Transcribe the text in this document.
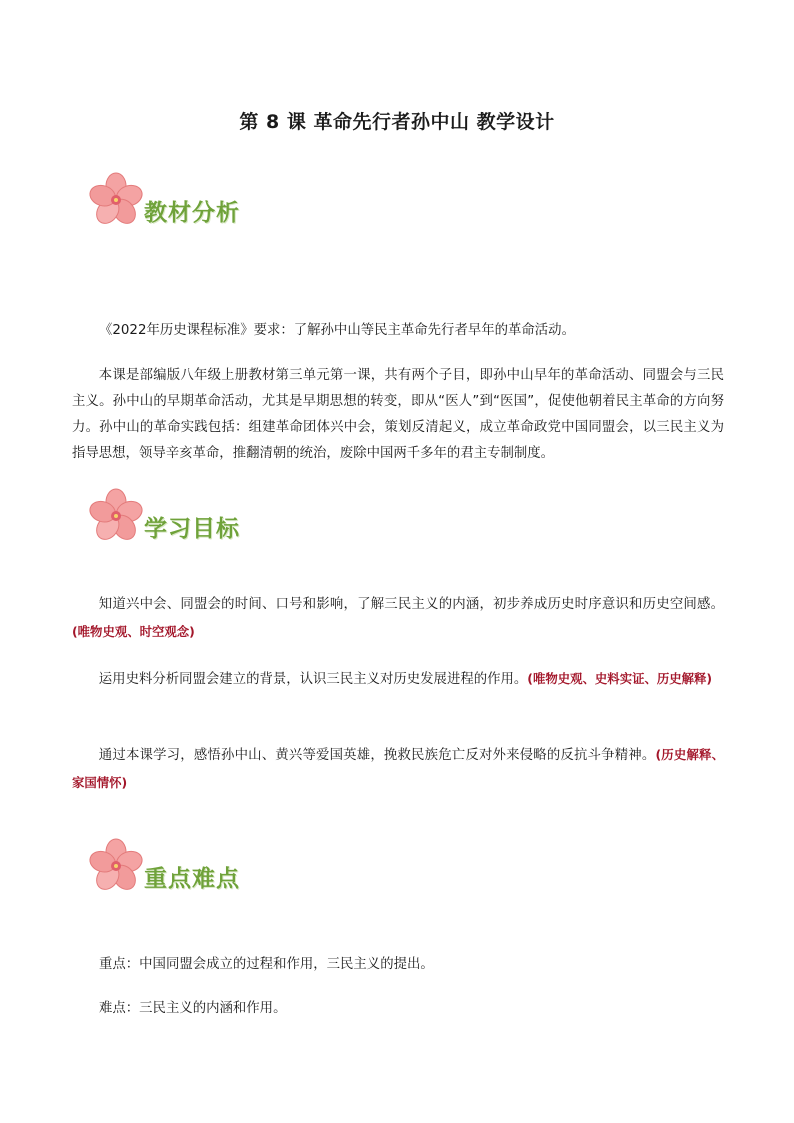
第 8 课 革命先行者孙中山 教学设计
教材分析
《2022年历史课程标准》要求：了解孙中山等民主革命先行者早年的革命活动。
本课是部编版八年级上册教材第三单元第一课，共有两个子目，即孙中山早年的革命活动、同盟会与三民主义。孙中山的早期革命活动，尤其是早期思想的转变，即从“医人”到“医国”，促使他朝着民主革命的方向努力。孙中山的革命实践包括：组建革命团体兴中会，策划反清起义，成立革命政党中国同盟会，以三民主义为指导思想，领导辛亥革命，推翻清朝的统治，废除中国两千多年的君主专制制度。
学习目标
知道兴中会、同盟会的时间、口号和影响，了解三民主义的内涵，初步养成历史时序意识和历史空间感。(唯物史观、时空观念)
运用史料分析同盟会建立的背景，认识三民主义对历史发展进程的作用。(唯物史观、史料实证、历史解释)
通过本课学习，感悟孙中山、黄兴等爱国英雄，挽救民族危亡反对外来侵略的反抗斗争精神。(历史解释、家国情怀)
重点难点
重点：中国同盟会成立的过程和作用，三民主义的提出。
难点：三民主义的内涵和作用。
